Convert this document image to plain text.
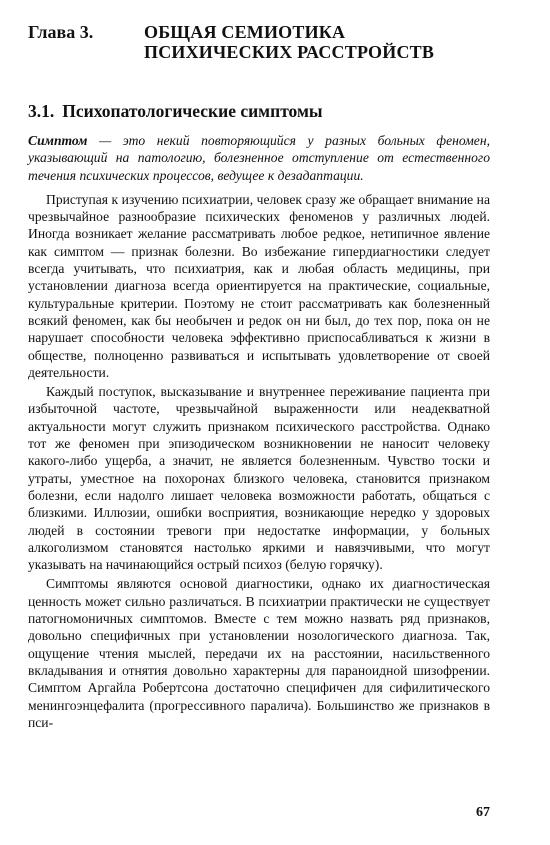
Глава 3.	ОБЩАЯ СЕМИОТИКА
ПСИХИЧЕСКИХ РАССТРОЙСТВ
3.1. Психопатологические симптомы

Симптом — это некий повторяющийся у разных больных феномен, указывающий на патологию, болезненное отступление от естественного течения психических процессов, ведущее к дезадаптации.

Приступая к изучению психиатрии, человек сразу же обращает внимание на чрезвычайное разнообразие психических феноменов у различных людей. Иногда возникает желание рассматривать любое редкое, нетипичное явление как симптом — признак болезни. Во избежание гипердиагностики следует всегда учитывать, что психиатрия, как и любая область медицины, при установлении диагноза всегда ориентируется на практические, социальные, культуральные критерии. Поэтому не стоит рассматривать как болезненный всякий феномен, как бы необычен и редок он ни был, до тех пор, пока он не нарушает способности человека эффективно приспосабливаться к жизни в обществе, полноценно развиваться и испытывать удовлетворение от своей деятельности.

Каждый поступок, высказывание и внутреннее переживание пациента при избыточной частоте, чрезвычайной выраженности или неадекватной актуальности могут служить признаком психического расстройства. Однако тот же феномен при эпизодическом возникновении не наносит человеку какого-либо ущерба, а значит, не является болезненным. Чувство тоски и утраты, уместное на похоронах близкого человека, становится признаком болезни, если надолго лишает человека возможности работать, общаться с близкими. Иллюзии, ошибки восприятия, возникающие нередко у здоровых людей в состоянии тревоги при недостатке информации, у больных алкоголизмом становятся настолько яркими и навязчивыми, что могут указывать на начинающийся острый психоз (белую горячку).

Симптомы являются основой диагностики, однако их диагностическая ценность может сильно различаться. В психиатрии практически не существует патогномоничных симптомов. Вместе с тем можно назвать ряд признаков, довольно специфичных при установлении нозологического диагноза. Так, ощущение чтения мыслей, передачи их на расстоянии, насильственного вкладывания и отнятия довольно характерны для параноидной шизофрении. Симптом Аргайла Робертсона достаточно специфичен для сифилитического менингоэнцефалита (прогрессивного паралича). Большинство же признаков в пси-

67
